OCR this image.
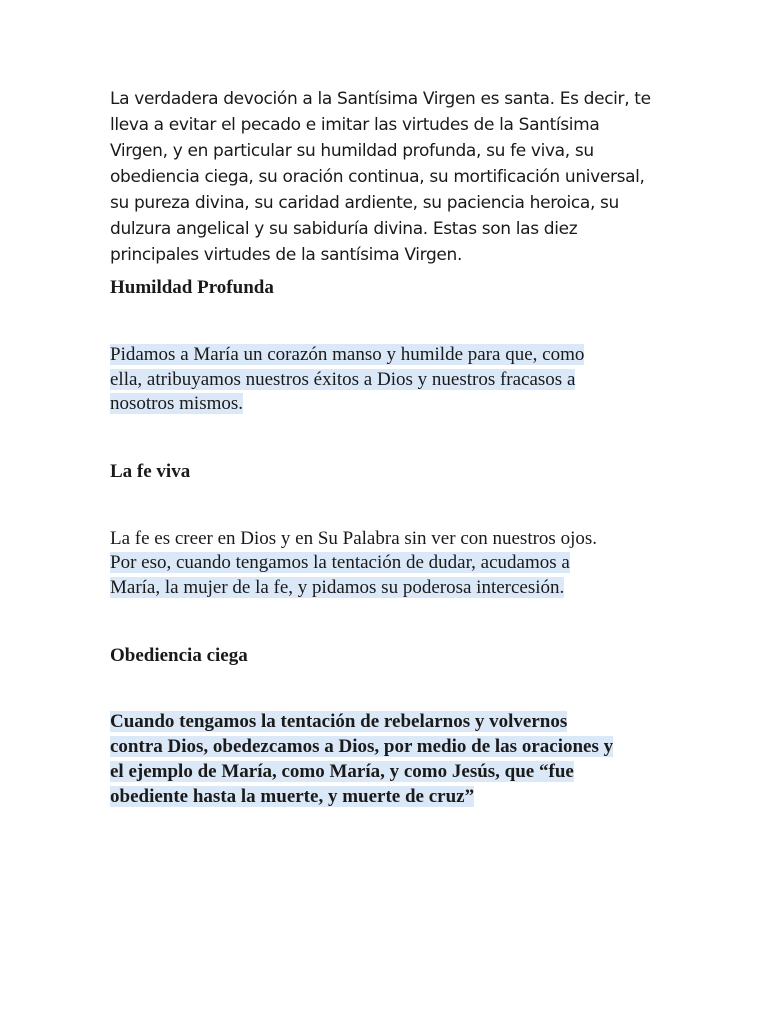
La verdadera devoción a la Santísima Virgen es santa. Es decir, te
lleva a evitar el pecado e imitar las virtudes de la Santísima
Virgen, y en particular su humildad profunda, su fe viva, su
obediencia ciega, su oración continua, su mortificación universal,
su pureza divina, su caridad ardiente, su paciencia heroica, su
dulzura angelical y su sabiduría divina. Estas son las diez
principales virtudes de la santísima Virgen.
Humildad Profunda
Pidamos a María un corazón manso y humilde para que, como
ella, atribuyamos nuestros éxitos a Dios y nuestros fracasos a
nosotros mismos.
La fe viva
La fe es creer en Dios y en Su Palabra sin ver con nuestros ojos.
Por eso, cuando tengamos la tentación de dudar, acudamos a
María, la mujer de la fe, y pidamos su poderosa intercesión.
Obediencia ciega
Cuando tengamos la tentación de rebelarnos y volvernos
contra Dios, obedezcamos a Dios, por medio de las oraciones y
el ejemplo de María, como María, y como Jesús, que “fue
obediente hasta la muerte, y muerte de cruz”
